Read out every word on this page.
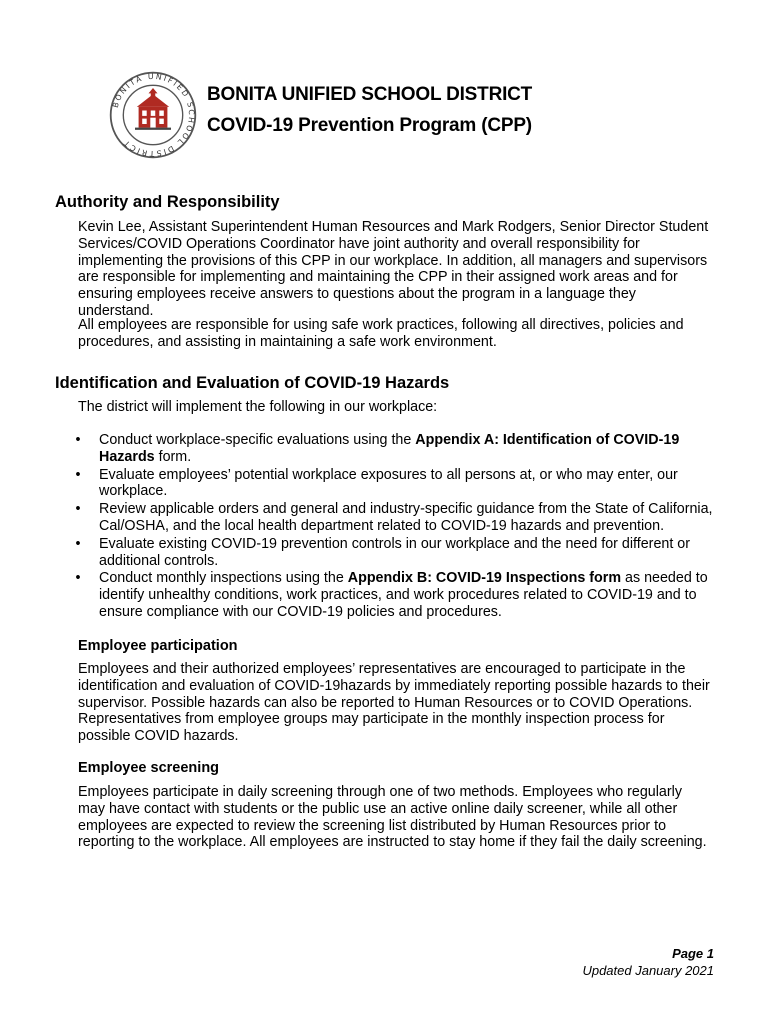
BONITA UNIFIED SCHOOL DISTRICT
BONITA UNIFIED SCHOOL DISTRICT
COVID-19 Prevention Program (CPP)
Authority and Responsibility

Kevin Lee, Assistant Superintendent Human Resources and Mark Rodgers, Senior Director Student Services/COVID Operations Coordinator have joint authority and overall responsibility for implementing the provisions of this CPP in our workplace. In addition, all managers and supervisors are responsible for implementing and maintaining the CPP in their assigned work areas and for ensuring employees receive answers to questions about the program in a language they understand.

All employees are responsible for using safe work practices, following all directives, policies and procedures, and assisting in maintaining a safe work environment.

Identification and Evaluation of COVID-19 Hazards

The district will implement the following in our workplace:

•	Conduct workplace-specific evaluations using the Appendix A: Identification of COVID-19 Hazards form.
•	Evaluate employees’ potential workplace exposures to all persons at, or who may enter, our workplace.
•	Review applicable orders and general and industry-specific guidance from the State of California, Cal/OSHA, and the local health department related to COVID-19 hazards and prevention.
•	Evaluate existing COVID-19 prevention controls in our workplace and the need for different or additional controls.
•	Conduct monthly inspections using the Appendix B: COVID-19 Inspections form as needed to identify unhealthy conditions, work practices, and work procedures related to COVID-19 and to ensure compliance with our COVID-19 policies and procedures.
Employee participation

Employees and their authorized employees’ representatives are encouraged to participate in the identification and evaluation of COVID-19hazards by immediately reporting possible hazards to their supervisor. Possible hazards can also be reported to Human Resources or to COVID Operations. Representatives from employee groups may participate in the monthly inspection process for possible COVID hazards.

Employee screening

Employees participate in daily screening through one of two methods. Employees who regularly may have contact with students or the public use an active online daily screener, while all other employees are expected to review the screening list distributed by Human Resources prior to reporting to the workplace. All employees are instructed to stay home if they fail the daily screening.

Page 1
Updated January 2021
